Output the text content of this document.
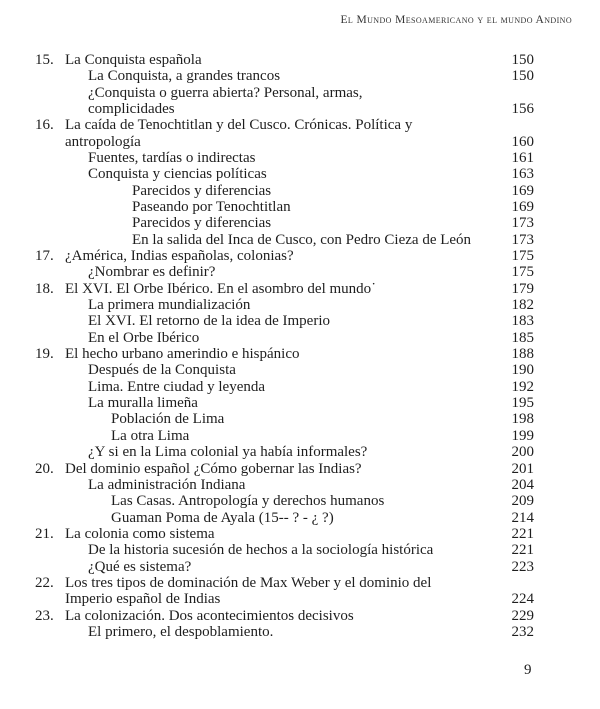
El Mundo Mesoamericano y el mundo Andino
15. La Conquista española	150
La Conquista, a grandes trancos	150
¿Conquista o guerra abierta? Personal, armas,
complicidades	156
16. La caída de Tenochtitlan y del Cusco. Crónicas. Política y
antropología	160
Fuentes, tardías o indirectas	161
Conquista y ciencias políticas	163
Parecidos y diferencias	169
Paseando por Tenochtitlan	169
Parecidos y diferencias	173
En la salida del Inca de Cusco, con Pedro Cieza de León	173
17. ¿América, Indias españolas, colonias?	175
¿Nombrar es definir?	175
18. El XVI. El Orbe Ibérico. En el asombro del mundo˙	179
La primera mundialización	182
El XVI. El retorno de la idea de Imperio	183
En el Orbe Ibérico	185
19. El hecho urbano amerindio e hispánico	188
Después de la Conquista	190
Lima. Entre ciudad y leyenda	192
La muralla limeña	195
Población de Lima	198
La otra Lima	199
¿Y si en la Lima colonial ya había informales?	200
20. Del dominio español ¿Cómo gobernar las Indias?	201
La administración Indiana	204
Las Casas. Antropología y derechos humanos	209
Guaman Poma de Ayala (15-- ? - ¿ ?)	214
21. La colonia como sistema	221
De la historia sucesión de hechos a la sociología histórica	221
¿Qué es sistema?	223
22. Los tres tipos de dominación de Max Weber y el dominio del
Imperio español de Indias	224
23. La colonización. Dos acontecimientos decisivos	229
El primero, el despoblamiento.	232
9
